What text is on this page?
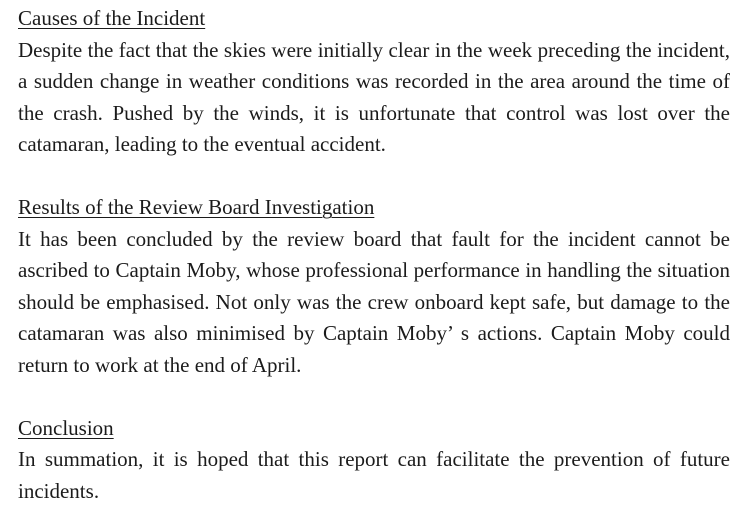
Causes of the Incident

Despite the fact that the skies were initially clear in the week preceding the incident, a sudden change in weather conditions was recorded in the area around the time of the crash. Pushed by the winds, it is unfortunate that control was lost over the catamaran, leading to the eventual accident.

Results of the Review Board Investigation

It has been concluded by the review board that fault for the incident cannot be ascribed to Captain Moby, whose professional performance in handling the situation should be emphasised. Not only was the crew onboard kept safe, but damage to the catamaran was also minimised by Captain Moby’ s actions. Captain Moby could return to work at the end of April.

Conclusion

In summation, it is hoped that this report can facilitate the prevention of future incidents.
